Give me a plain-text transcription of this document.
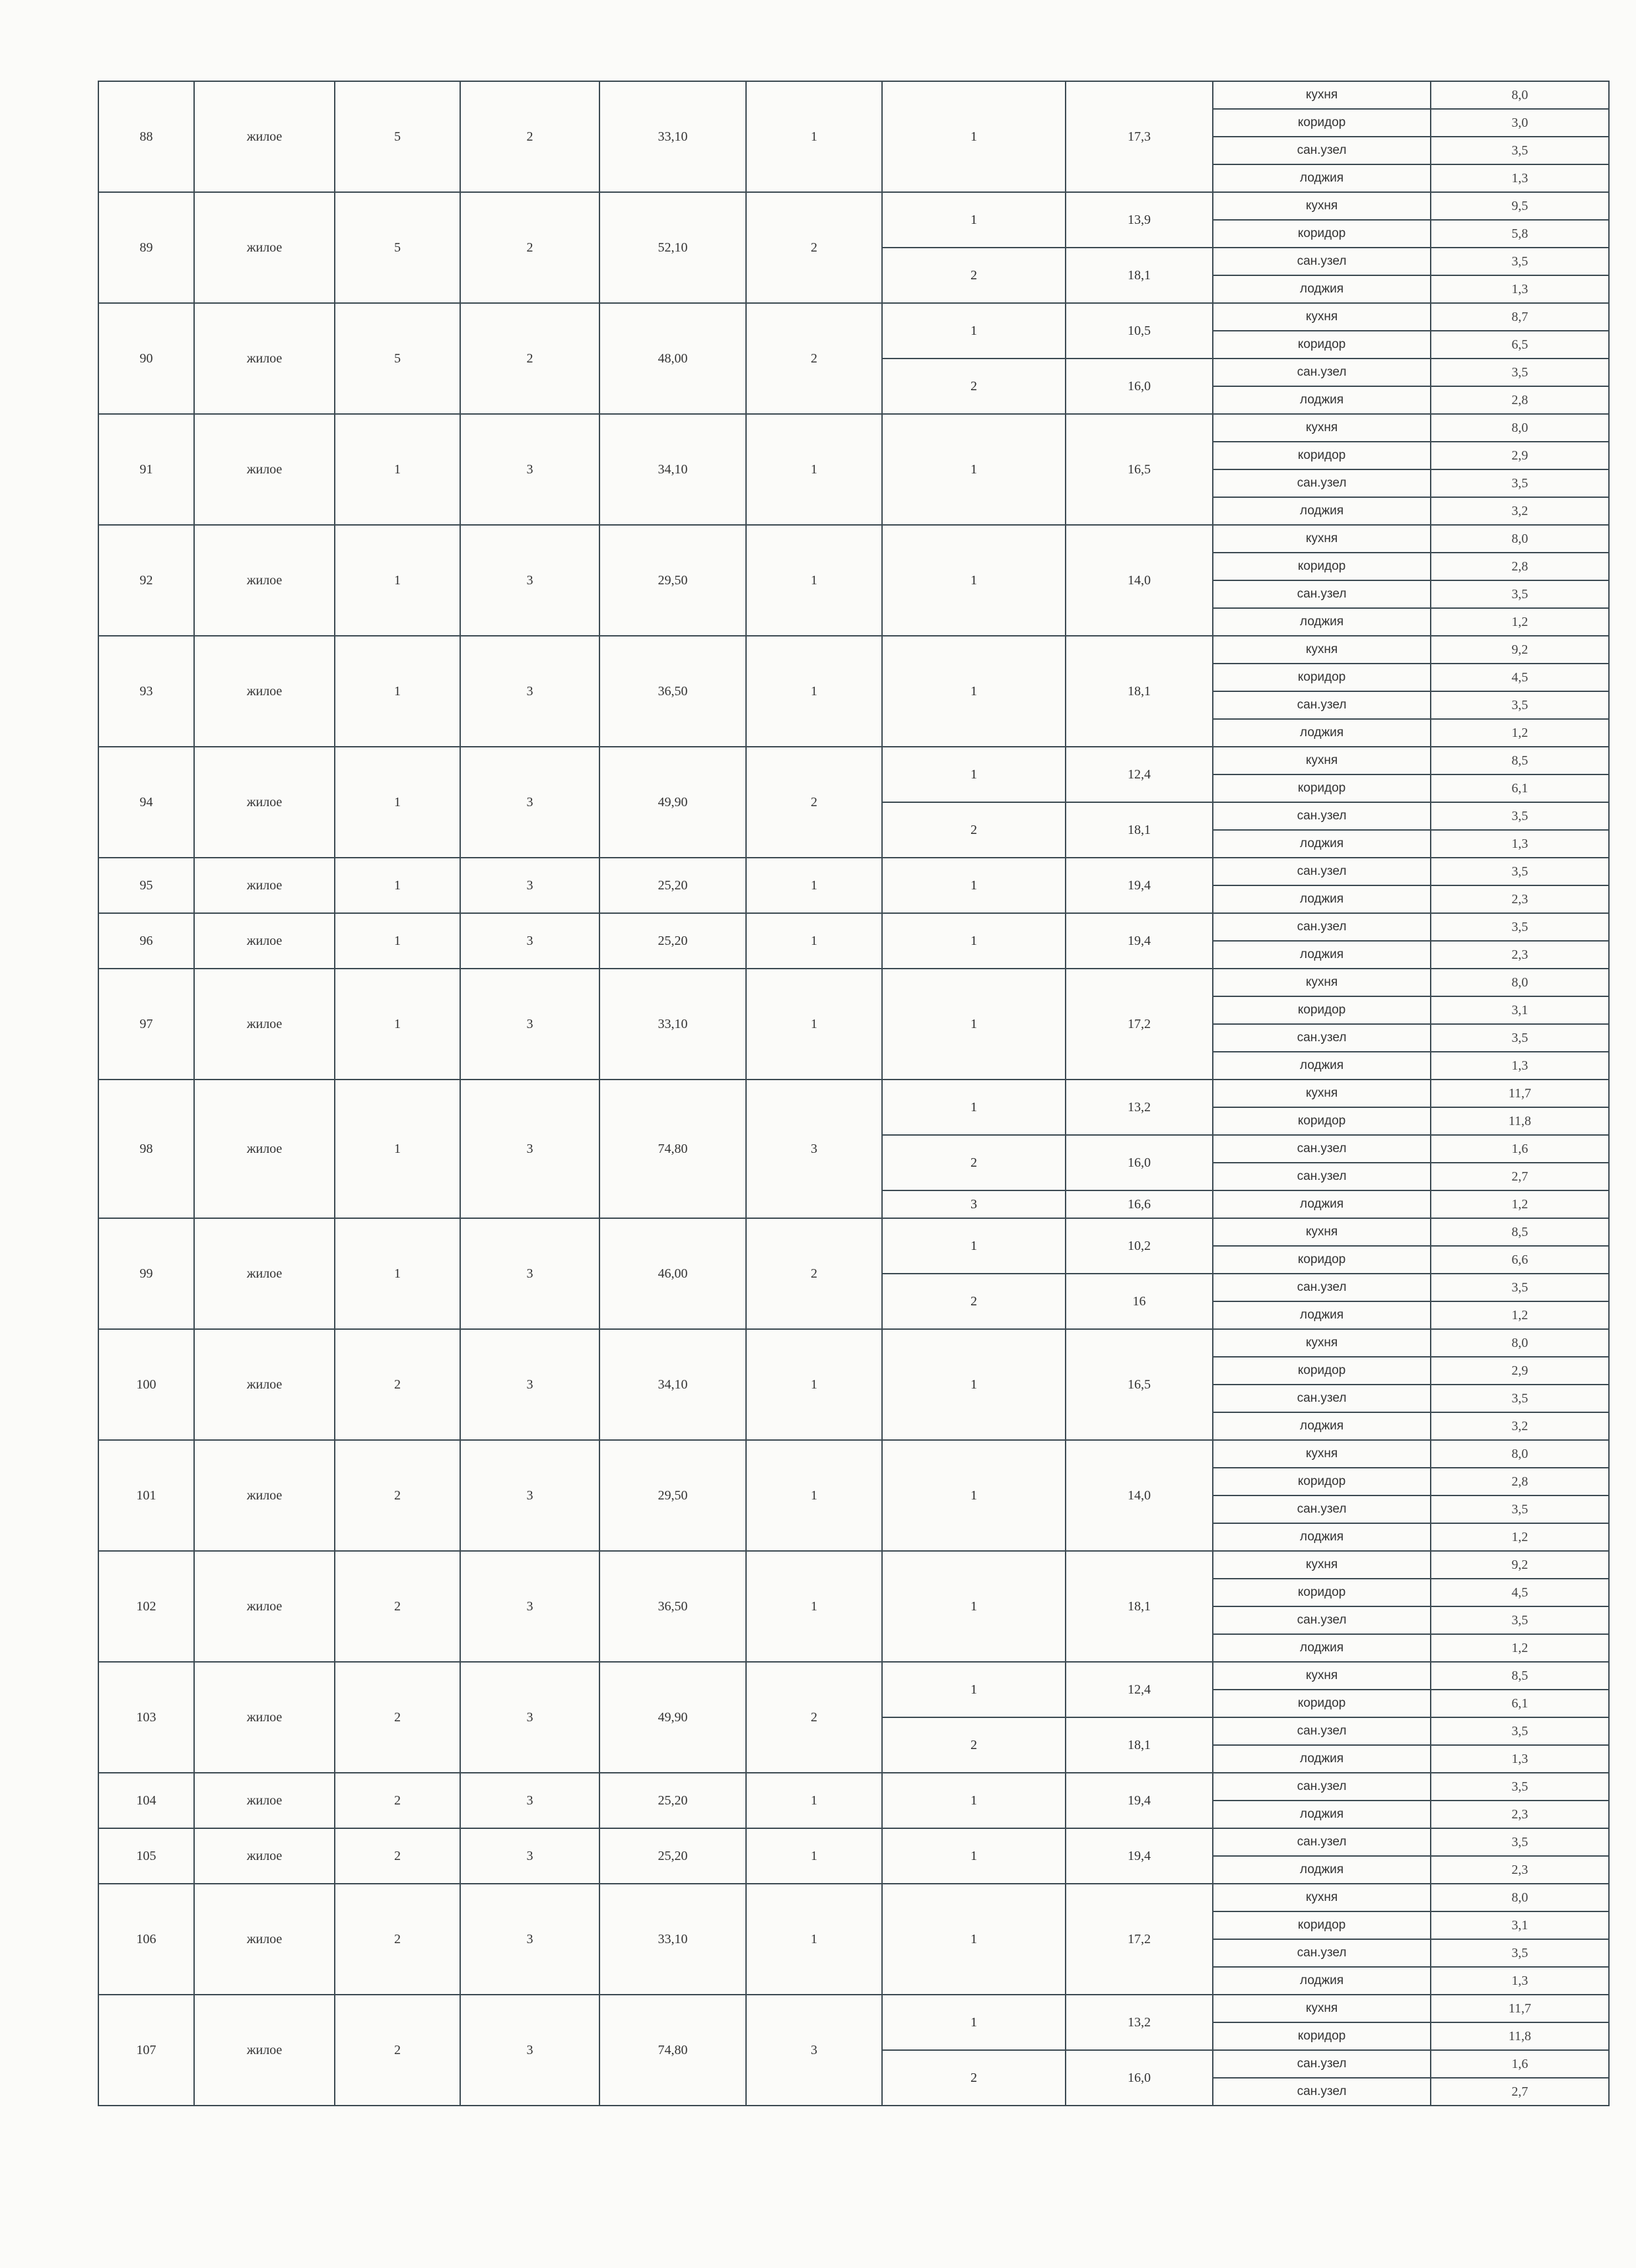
88	жилое	5	2	33,10	1	1	17,3	кухня	8,0
								коридор	3,0
								сан.узел	3,5
								лоджия	1,3
89	жилое	5	2	52,10	2	1	13,9	кухня	9,5
								коридор	5,8
						2	18,1	сан.узел	3,5
								лоджия	1,3
90	жилое	5	2	48,00	2	1	10,5	кухня	8,7
								коридор	6,5
						2	16,0	сан.узел	3,5
								лоджия	2,8
91	жилое	1	3	34,10	1	1	16,5	кухня	8,0
								коридор	2,9
								сан.узел	3,5
								лоджия	3,2
92	жилое	1	3	29,50	1	1	14,0	кухня	8,0
								коридор	2,8
								сан.узел	3,5
								лоджия	1,2
93	жилое	1	3	36,50	1	1	18,1	кухня	9,2
								коридор	4,5
								сан.узел	3,5
								лоджия	1,2
94	жилое	1	3	49,90	2	1	12,4	кухня	8,5
								коридор	6,1
						2	18,1	сан.узел	3,5
								лоджия	1,3
95	жилое	1	3	25,20	1	1	19,4	сан.узел	3,5
								лоджия	2,3
96	жилое	1	3	25,20	1	1	19,4	сан.узел	3,5
								лоджия	2,3
97	жилое	1	3	33,10	1	1	17,2	кухня	8,0
								коридор	3,1
								сан.узел	3,5
								лоджия	1,3
98	жилое	1	3	74,80	3	1	13,2	кухня	11,7
								коридор	11,8
						2	16,0	сан.узел	1,6
								сан.узел	2,7
						3	16,6	лоджия	1,2
99	жилое	1	3	46,00	2	1	10,2	кухня	8,5
								коридор	6,6
						2	16	сан.узел	3,5
								лоджия	1,2
100	жилое	2	3	34,10	1	1	16,5	кухня	8,0
								коридор	2,9
								сан.узел	3,5
								лоджия	3,2
101	жилое	2	3	29,50	1	1	14,0	кухня	8,0
								коридор	2,8
								сан.узел	3,5
								лоджия	1,2
102	жилое	2	3	36,50	1	1	18,1	кухня	9,2
								коридор	4,5
								сан.узел	3,5
								лоджия	1,2
103	жилое	2	3	49,90	2	1	12,4	кухня	8,5
								коридор	6,1
						2	18,1	сан.узел	3,5
								лоджия	1,3
104	жилое	2	3	25,20	1	1	19,4	сан.узел	3,5
								лоджия	2,3
105	жилое	2	3	25,20	1	1	19,4	сан.узел	3,5
								лоджия	2,3
106	жилое	2	3	33,10	1	1	17,2	кухня	8,0
								коридор	3,1
								сан.узел	3,5
								лоджия	1,3
107	жилое	2	3	74,80	3	1	13,2	кухня	11,7
								коридор	11,8
						2	16,0	сан.узел	1,6
								сан.узел	2,7
